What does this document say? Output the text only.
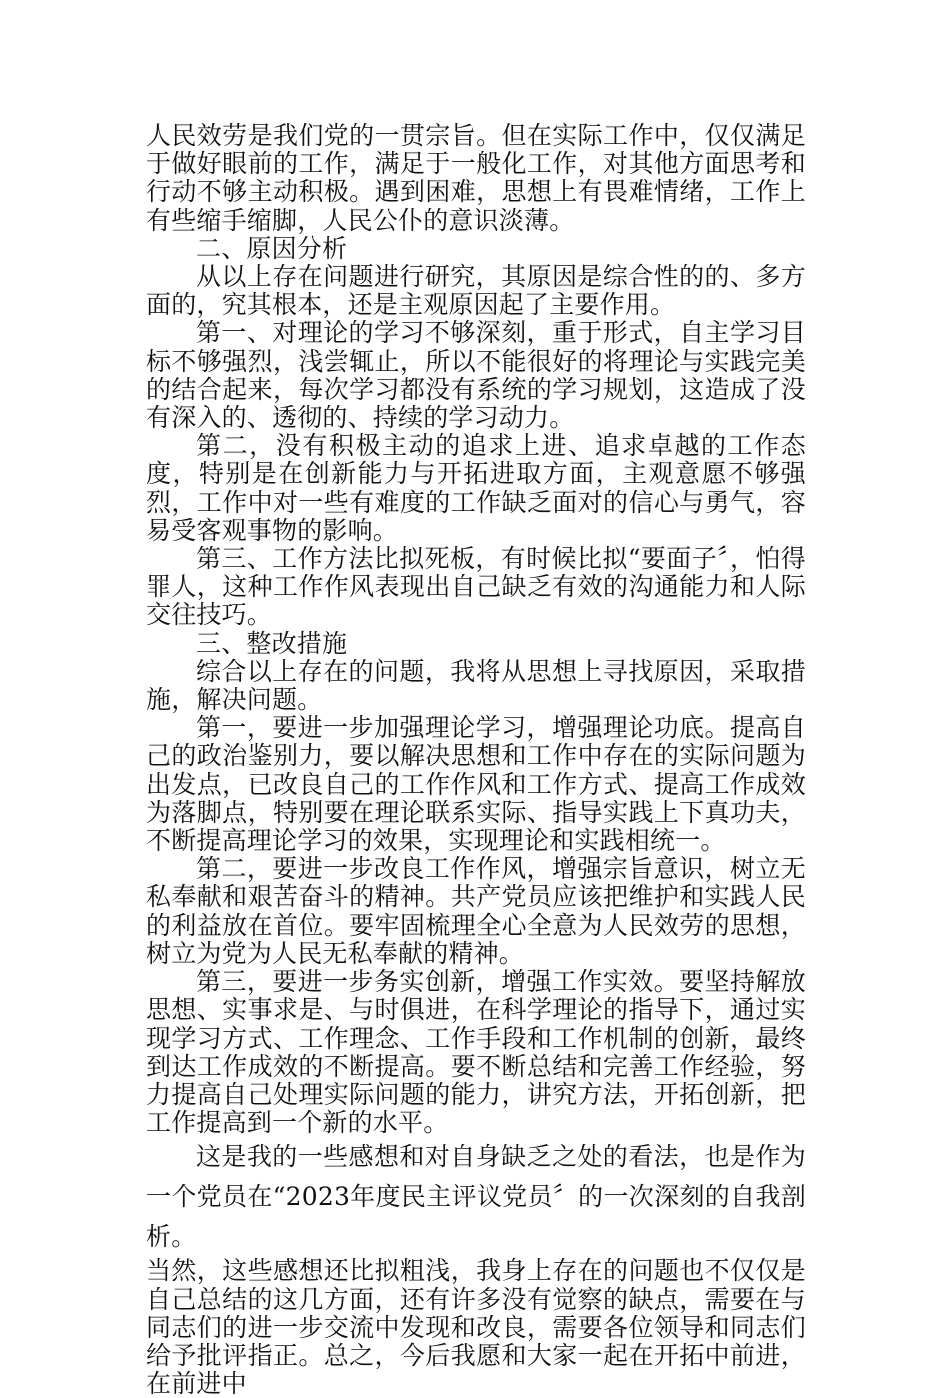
人民效劳是我们党的一贯宗旨。但在实际工作中，仅仅满足于做好眼前的工作，满足于一般化工作，对其他方面思考和行动不够主动积极。遇到困难，思想上有畏难情绪，工作上有些缩手缩脚，人民公仆的意识淡薄。

二、原因分析

从以上存在问题进行研究，其原因是综合性的的、多方面的，究其根本，还是主观原因起了主要作用。

第一、对理论的学习不够深刻，重于形式，自主学习目标不够强烈，浅尝辄止，所以不能很好的将理论与实践完美的结合起来，每次学习都没有系统的学习规划，这造成了没有深入的、透彻的、持续的学习动力。

第二，没有积极主动的追求上进、追求卓越的工作态度，特别是在创新能力与开拓进取方面，主观意愿不够强烈，工作中对一些有难度的工作缺乏面对的信心与勇气，容易受客观事物的影响。

第三、工作方法比拟死板，有时候比拟“要面子〞，怕得罪人，这种工作作风表现出自己缺乏有效的沟通能力和人际交往技巧。

三、整改措施

综合以上存在的问题，我将从思想上寻找原因，采取措施，解决问题。

第一，要进一步加强理论学习，增强理论功底。提高自己的政治鉴别力，要以解决思想和工作中存在的实际问题为出发点，已改良自己的工作作风和工作方式、提高工作成效为落脚点，特别要在理论联系实际、指导实践上下真功夫，不断提高理论学习的效果，实现理论和实践相统一。

第二，要进一步改良工作作风，增强宗旨意识，树立无私奉献和艰苦奋斗的精神。共产党员应该把维护和实践人民的利益放在首位。要牢固梳理全心全意为人民效劳的思想，树立为党为人民无私奉献的精神。

第三，要进一步务实创新，增强工作实效。要坚持解放思想、实事求是、与时俱进，在科学理论的指导下，通过实现学习方式、工作理念、工作手段和工作机制的创新，最终到达工作成效的不断提高。要不断总结和完善工作经验，努力提高自己处理实际问题的能力，讲究方法，开拓创新，把工作提高到一个新的水平。

这是我的一些感想和对自身缺乏之处的看法，也是作为一个党员在“2023年度民主评议党员〞的一次深刻的自我剖析。

当然，这些感想还比拟粗浅，我身上存在的问题也不仅仅是自己总结的这几方面，还有许多没有觉察的缺点，需要在与同志们的进一步交流中发现和改良，需要各位领导和同志们给予批评指正。总之，今后我愿和大家一起在开拓中前进，在前进中
